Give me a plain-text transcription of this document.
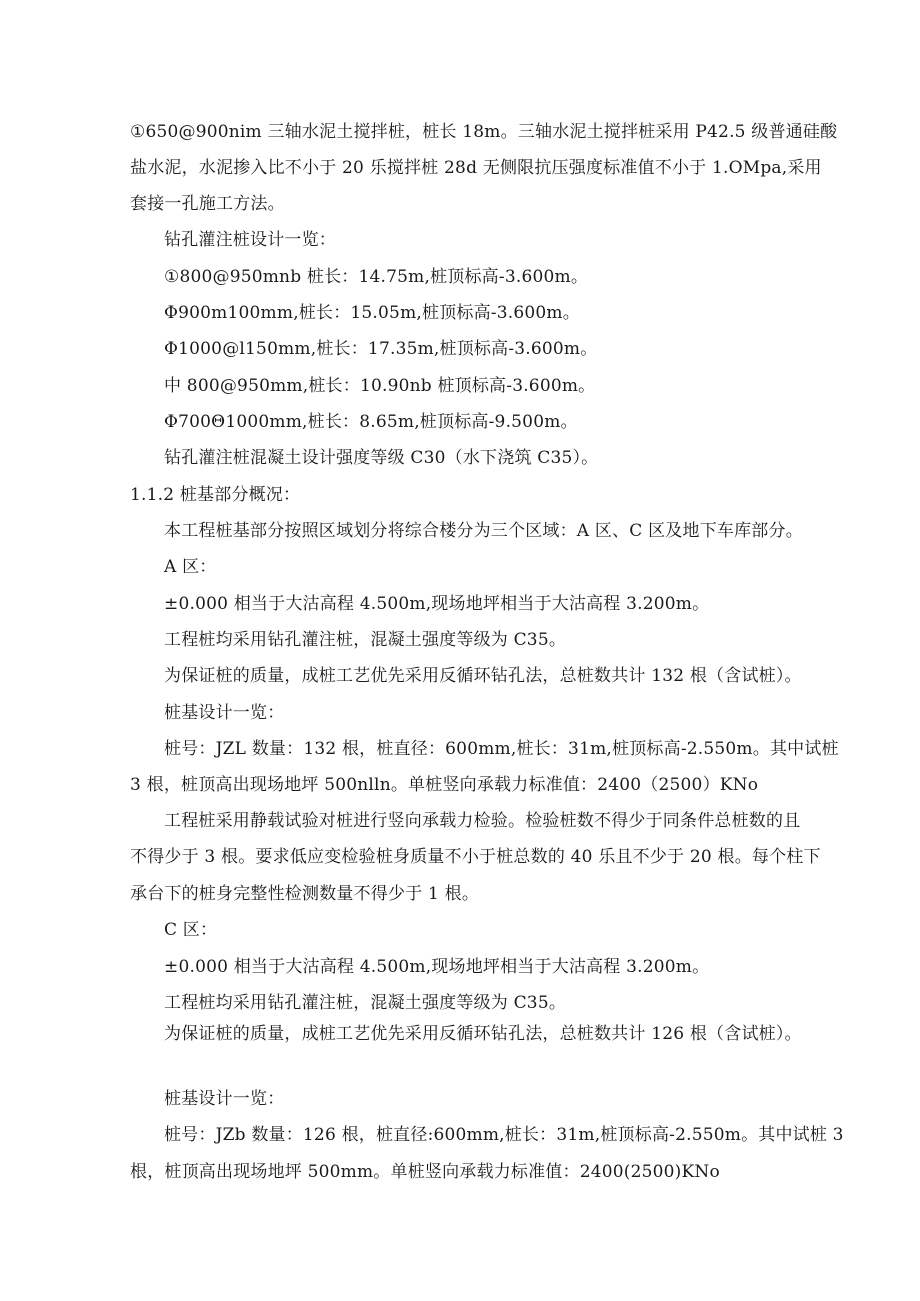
①650@900nim 三轴水泥土搅拌桩，桩长 18m。三轴水泥土搅拌桩采用 P42.5 级普通硅酸
盐水泥，水泥掺入比不小于 20 乐搅拌桩 28d 无侧限抗压强度标准值不小于 1.OMpa,采用
套接一孔施工方法。
钻孔灌注桩设计一览：
①800@950mnb 桩长：14.75m,桩顶标高-3.600m。
Φ900m100mm,桩长：15.05m,桩顶标高-3.600m。
Φ1000@l150mm,桩长：17.35m,桩顶标高-3.600m。
中 800@950mm,桩长：10.90nb 桩顶标高-3.600m。
Φ700Θ1000mm,桩长：8.65m,桩顶标高-9.500m。
钻孔灌注桩混凝土设计强度等级 C30（水下浇筑 C35）。
1.1.2 桩基部分概况：
本工程桩基部分按照区域划分将综合楼分为三个区域：A 区、C 区及地下车库部分。
A 区：
±0.000 相当于大沽高程 4.500m,现场地坪相当于大沽高程 3.200m。
工程桩均采用钻孔灌注桩，混凝土强度等级为 C35。
为保证桩的质量，成桩工艺优先采用反循环钻孔法，总桩数共计 132 根（含试桩）。
桩基设计一览：
桩号：JZL 数量：132 根，桩直径：600mm,桩长：31m,桩顶标高-2.550m。其中试桩
3 根，桩顶高出现场地坪 500nlln。单桩竖向承载力标准值：2400（2500）KNo
工程桩采用静载试验对桩进行竖向承载力检验。检验桩数不得少于同条件总桩数的且
不得少于 3 根。要求低应变检验桩身质量不小于桩总数的 40 乐且不少于 20 根。每个柱下
承台下的桩身完整性检测数量不得少于 1 根。
C 区：
±0.000 相当于大沽高程 4.500m,现场地坪相当于大沽高程 3.200m。
工程桩均采用钻孔灌注桩，混凝土强度等级为 C35。
为保证桩的质量，成桩工艺优先采用反循环钻孔法，总桩数共计 126 根（含试桩）。
桩基设计一览：
桩号：JZb 数量：126 根，桩直径:600mm,桩长：31m,桩顶标高-2.550m。其中试桩 3
根，桩顶高出现场地坪 500mm。单桩竖向承载力标准值：2400(2500)KNo
